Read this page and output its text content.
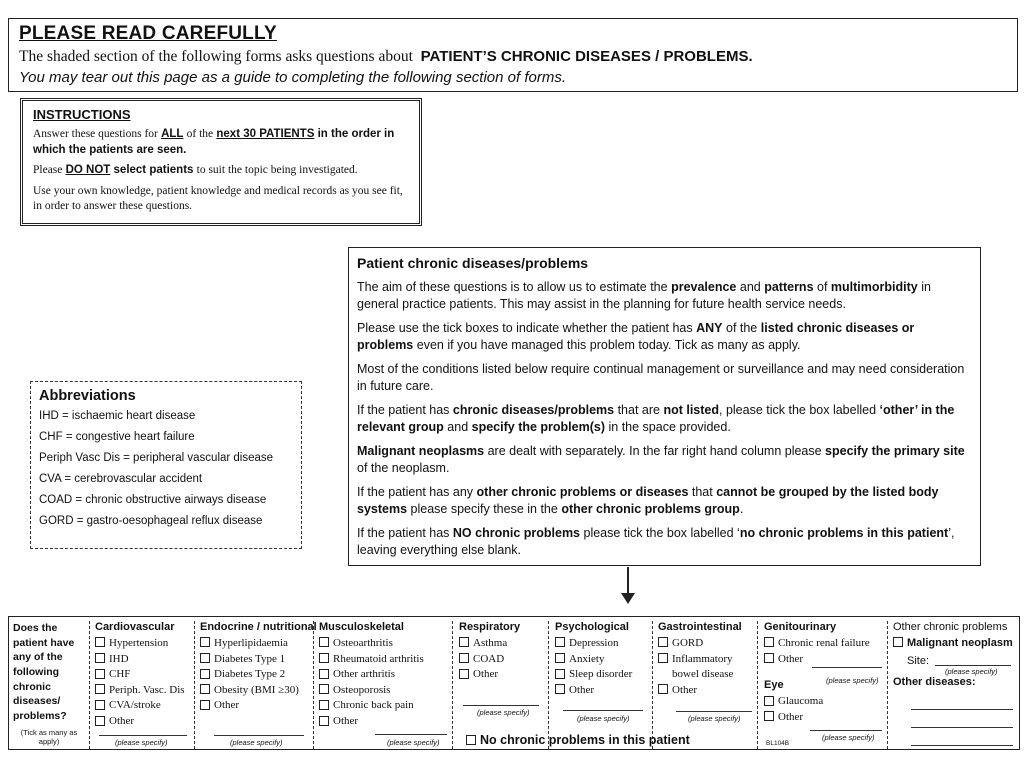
PLEASE READ CAREFULLY
The shaded section of the following forms asks questions about PATIENT’S CHRONIC DISEASES / PROBLEMS.
You may tear out this page as a guide to completing the following section of forms.
INSTRUCTIONS

Answer these questions for ALL of the next 30 PATIENTS in the order in which the patients are seen.

Please DO NOT select patients to suit the topic being investigated.

Use your own knowledge, patient knowledge and medical records as you see fit, in order to answer these questions.

Abbreviations
IHD = ischaemic heart disease
CHF = congestive heart failure
Periph Vasc Dis = peripheral vascular disease
CVA = cerebrovascular accident
COAD = chronic obstructive airways disease
GORD = gastro-oesophageal reflux disease
Patient chronic diseases/problems

The aim of these questions is to allow us to estimate the prevalence and patterns of multimorbidity in general practice patients. This may assist in the planning for future health service needs.

Please use the tick boxes to indicate whether the patient has ANY of the listed chronic diseases or problems even if you have managed this problem today. Tick as many as apply.

Most of the conditions listed below require continual management or surveillance and may need consideration in future care.

If the patient has chronic diseases/problems that are not listed, please tick the box labelled ‘other’ in the relevant group and specify the problem(s) in the space provided.

Malignant neoplasms are dealt with separately. In the far right hand column please specify the primary site of the neoplasm.

If the patient has any other chronic problems or diseases that cannot be grouped by the listed body systems please specify these in the other chronic problems group.

If the patient has NO chronic problems please tick the box labelled ‘no chronic problems in this patient’, leaving everything else blank.

Does the
patient have
any of the
following
chronic
diseases/
problems?
(Tick as many as apply)
Cardiovascular
Hypertension
IHD
CHF
Periph. Vasc. Dis
CVA/stroke
Other
(please specify)
Endocrine / nutritional
Hyperlipidaemia
Diabetes Type 1
Diabetes Type 2
Obesity (BMI ≥30)
Other
(please specify)
Musculoskeletal
Osteoarthritis
Rheumatoid arthritis
Other arthritis
Osteoporosis
Chronic back pain
Other
(please specify)
Respiratory
Asthma
COAD
Other
(please specify)
Psychological
Depression
Anxiety
Sleep disorder
Other
(please specify)
Gastrointestinal
GORD
Inflammatory
bowel disease
Other
(please specify)
Genitourinary
Chronic renal failure
Other
(please specify)
Eye
Glaucoma
Other
(please specify)
BL104B
Other chronic problems
Malignant neoplasm
Site:
(please specify)
Other diseases:
No chronic problems in this patient
